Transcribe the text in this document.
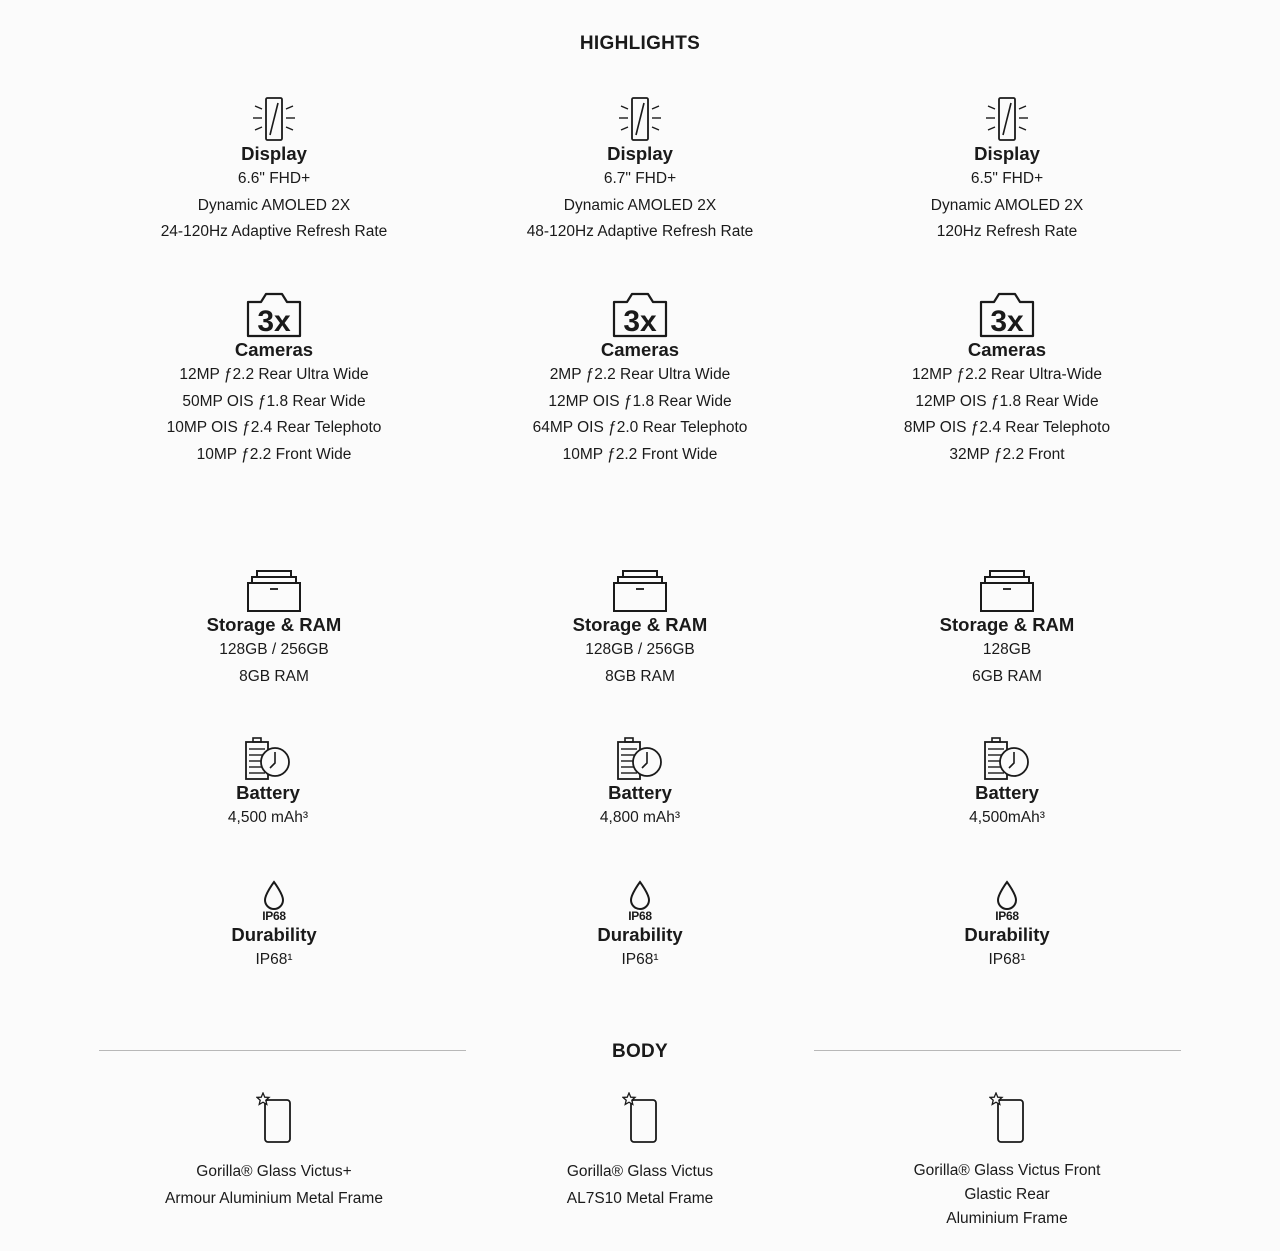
HIGHLIGHTS
Display
6.6" FHD+
Dynamic AMOLED 2X
24-120Hz Adaptive Refresh Rate
3x
Cameras
12MP ƒ2.2 Rear Ultra Wide
50MP OIS ƒ1.8 Rear Wide
10MP OIS ƒ2.4 Rear Telephoto
10MP ƒ2.2 Front Wide
Storage & RAM
128GB / 256GB
8GB RAM
Battery
4,500 mAh³
IP68
Durability
IP68¹
Display
6.7" FHD+
Dynamic AMOLED 2X
48-120Hz Adaptive Refresh Rate
3x
Cameras
2MP ƒ2.2 Rear Ultra Wide
12MP OIS ƒ1.8 Rear Wide
64MP OIS ƒ2.0 Rear Telephoto
10MP ƒ2.2 Front Wide
Storage & RAM
128GB / 256GB
8GB RAM
Battery
4,800 mAh³
IP68
Durability
IP68¹
Display
6.5" FHD+
Dynamic AMOLED 2X
120Hz Refresh Rate
3x
Cameras
12MP ƒ2.2 Rear Ultra-Wide
12MP OIS ƒ1.8 Rear Wide
8MP OIS ƒ2.4 Rear Telephoto
32MP ƒ2.2 Front
Storage & RAM
128GB
6GB RAM
Battery
4,500mAh³
IP68
Durability
IP68¹
BODY
Gorilla® Glass Victus+
Armour Aluminium Metal Frame
Gorilla® Glass Victus
AL7S10 Metal Frame
Gorilla® Glass Victus Front
Glastic Rear
Aluminium Frame
